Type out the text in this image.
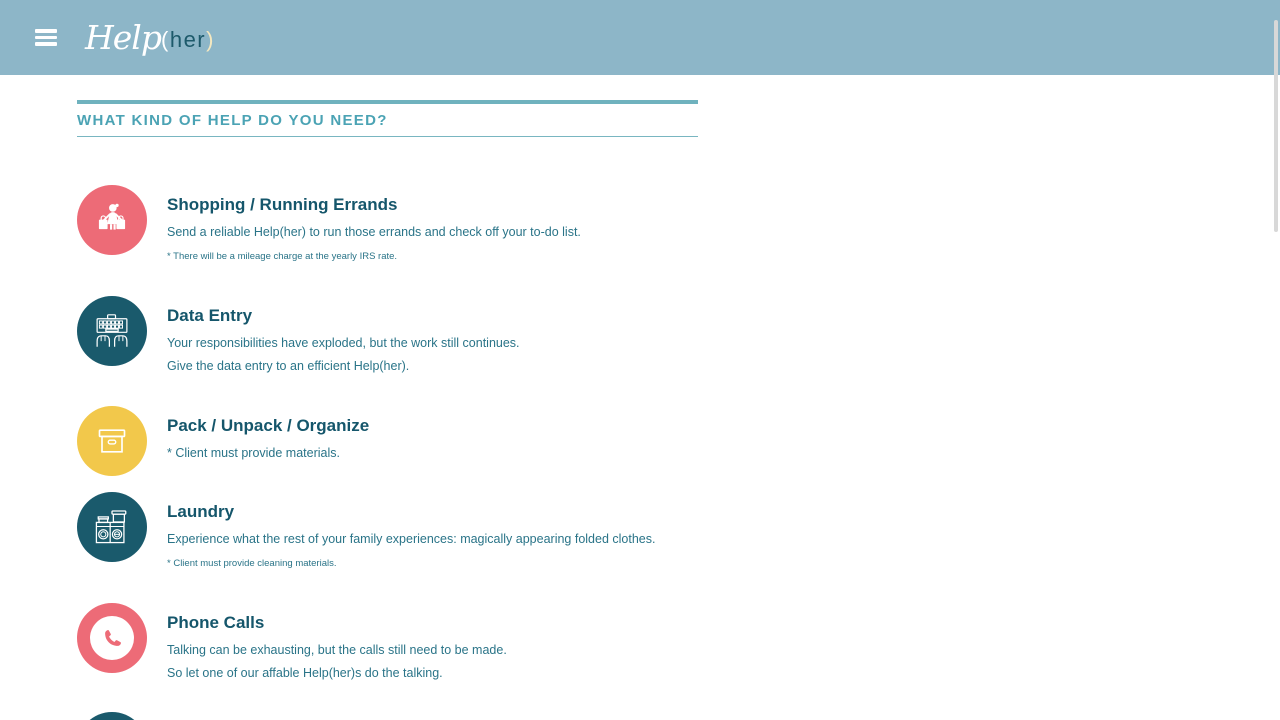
Help (her)
WHAT KIND OF HELP DO YOU NEED?
Shopping / Running Errands
Send a reliable Help(her) to run those errands and check off your to-do list.
* There will be a mileage charge at the yearly IRS rate.
Data Entry
Your responsibilities have exploded, but the work still continues.
Give the data entry to an efficient Help(her).
Pack / Unpack / Organize
* Client must provide materials.
Laundry
Experience what the rest of your family experiences: magically appearing folded clothes.
* Client must provide cleaning materials.
Phone Calls
Talking can be exhausting, but the calls still need to be made.
So let one of our affable Help(her)s do the talking.
